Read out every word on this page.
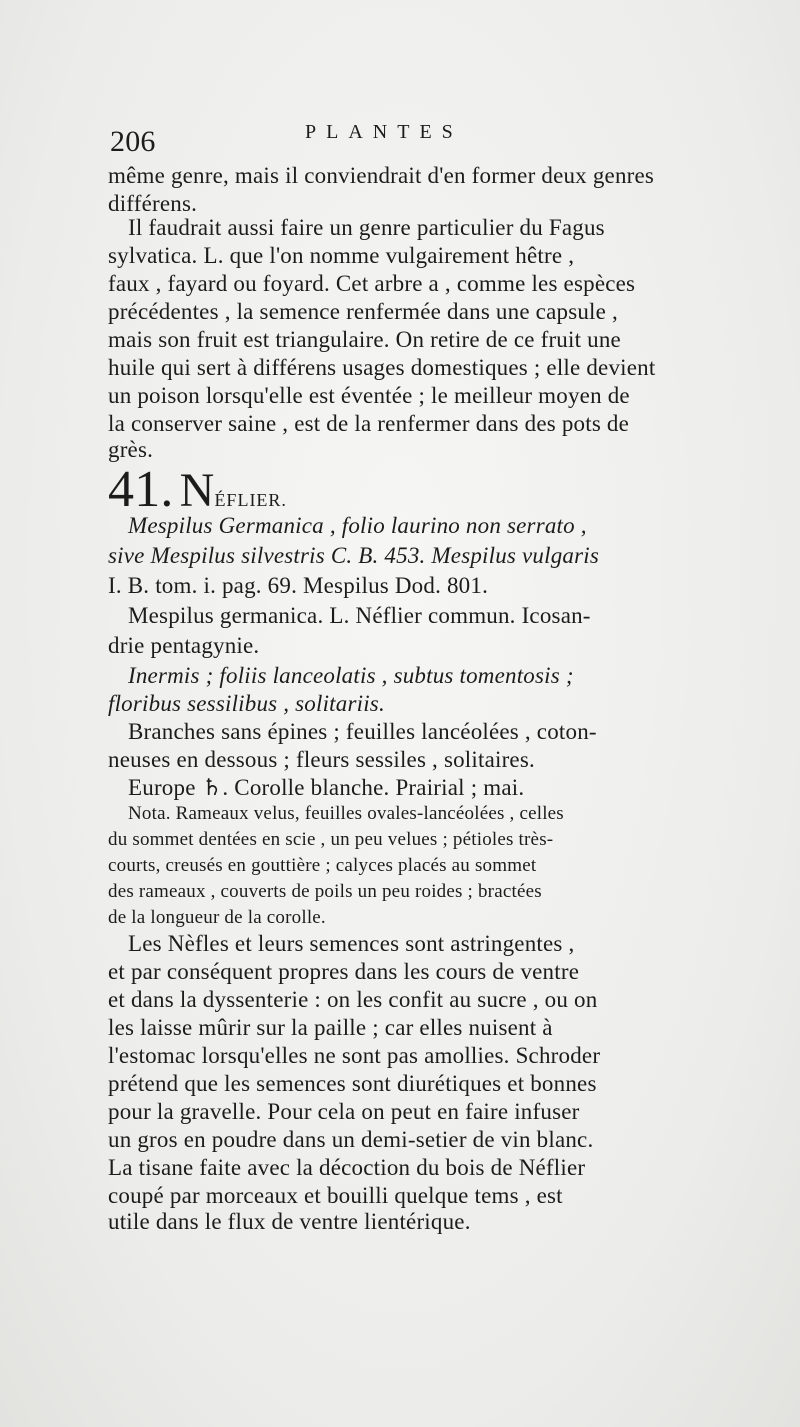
206	PLANTES
même genre, mais il conviendrait d'en former deux genres
différens.
Il faudrait aussi faire un genre particulier du Fagus
sylvatica. L. que l'on nomme vulgairement hêtre ,
faux , fayard ou foyard. Cet arbre a , comme les espèces
précédentes , la semence renfermée dans une capsule ,
mais son fruit est triangulaire. On retire de ce fruit une
huile qui sert à différens usages domestiques ; elle devient
un poison lorsqu'elle est éventée ; le meilleur moyen de
la conserver saine , est de la renfermer dans des pots de
grès.
41. NÉFLIER.
Mespilus Germanica , folio laurino non serrato ,
sive Mespilus silvestris C. B. 453. Mespilus vulgaris
I. B. tom. i. pag. 69. Mespilus Dod. 801.
Mespilus germanica. L. Néflier commun. Icosan-
drie pentagynie.
Inermis ; foliis lanceolatis , subtus tomentosis ;
floribus sessilibus , solitariis.
Branches sans épines ; feuilles lancéolées , coton-
neuses en dessous ; fleurs sessiles , solitaires.
Europe ♄. Corolle blanche. Prairial ; mai.
Nota. Rameaux velus, feuilles ovales-lancéolées , celles
du sommet dentées en scie , un peu velues ; pétioles très-
courts, creusés en gouttière ; calyces placés au sommet
des rameaux , couverts de poils un peu roides ; bractées
de la longueur de la corolle.
Les Nèfles et leurs semences sont astringentes ,
et par conséquent propres dans les cours de ventre
et dans la dyssenterie : on les confit au sucre , ou on
les laisse mûrir sur la paille ; car elles nuisent à
l'estomac lorsqu'elles ne sont pas amollies. Schroder
prétend que les semences sont diurétiques et bonnes
pour la gravelle. Pour cela on peut en faire infuser
un gros en poudre dans un demi-setier de vin blanc.
La tisane faite avec la décoction du bois de Néflier
coupé par morceaux et bouilli quelque tems , est
utile dans le flux de ventre lientérique.
